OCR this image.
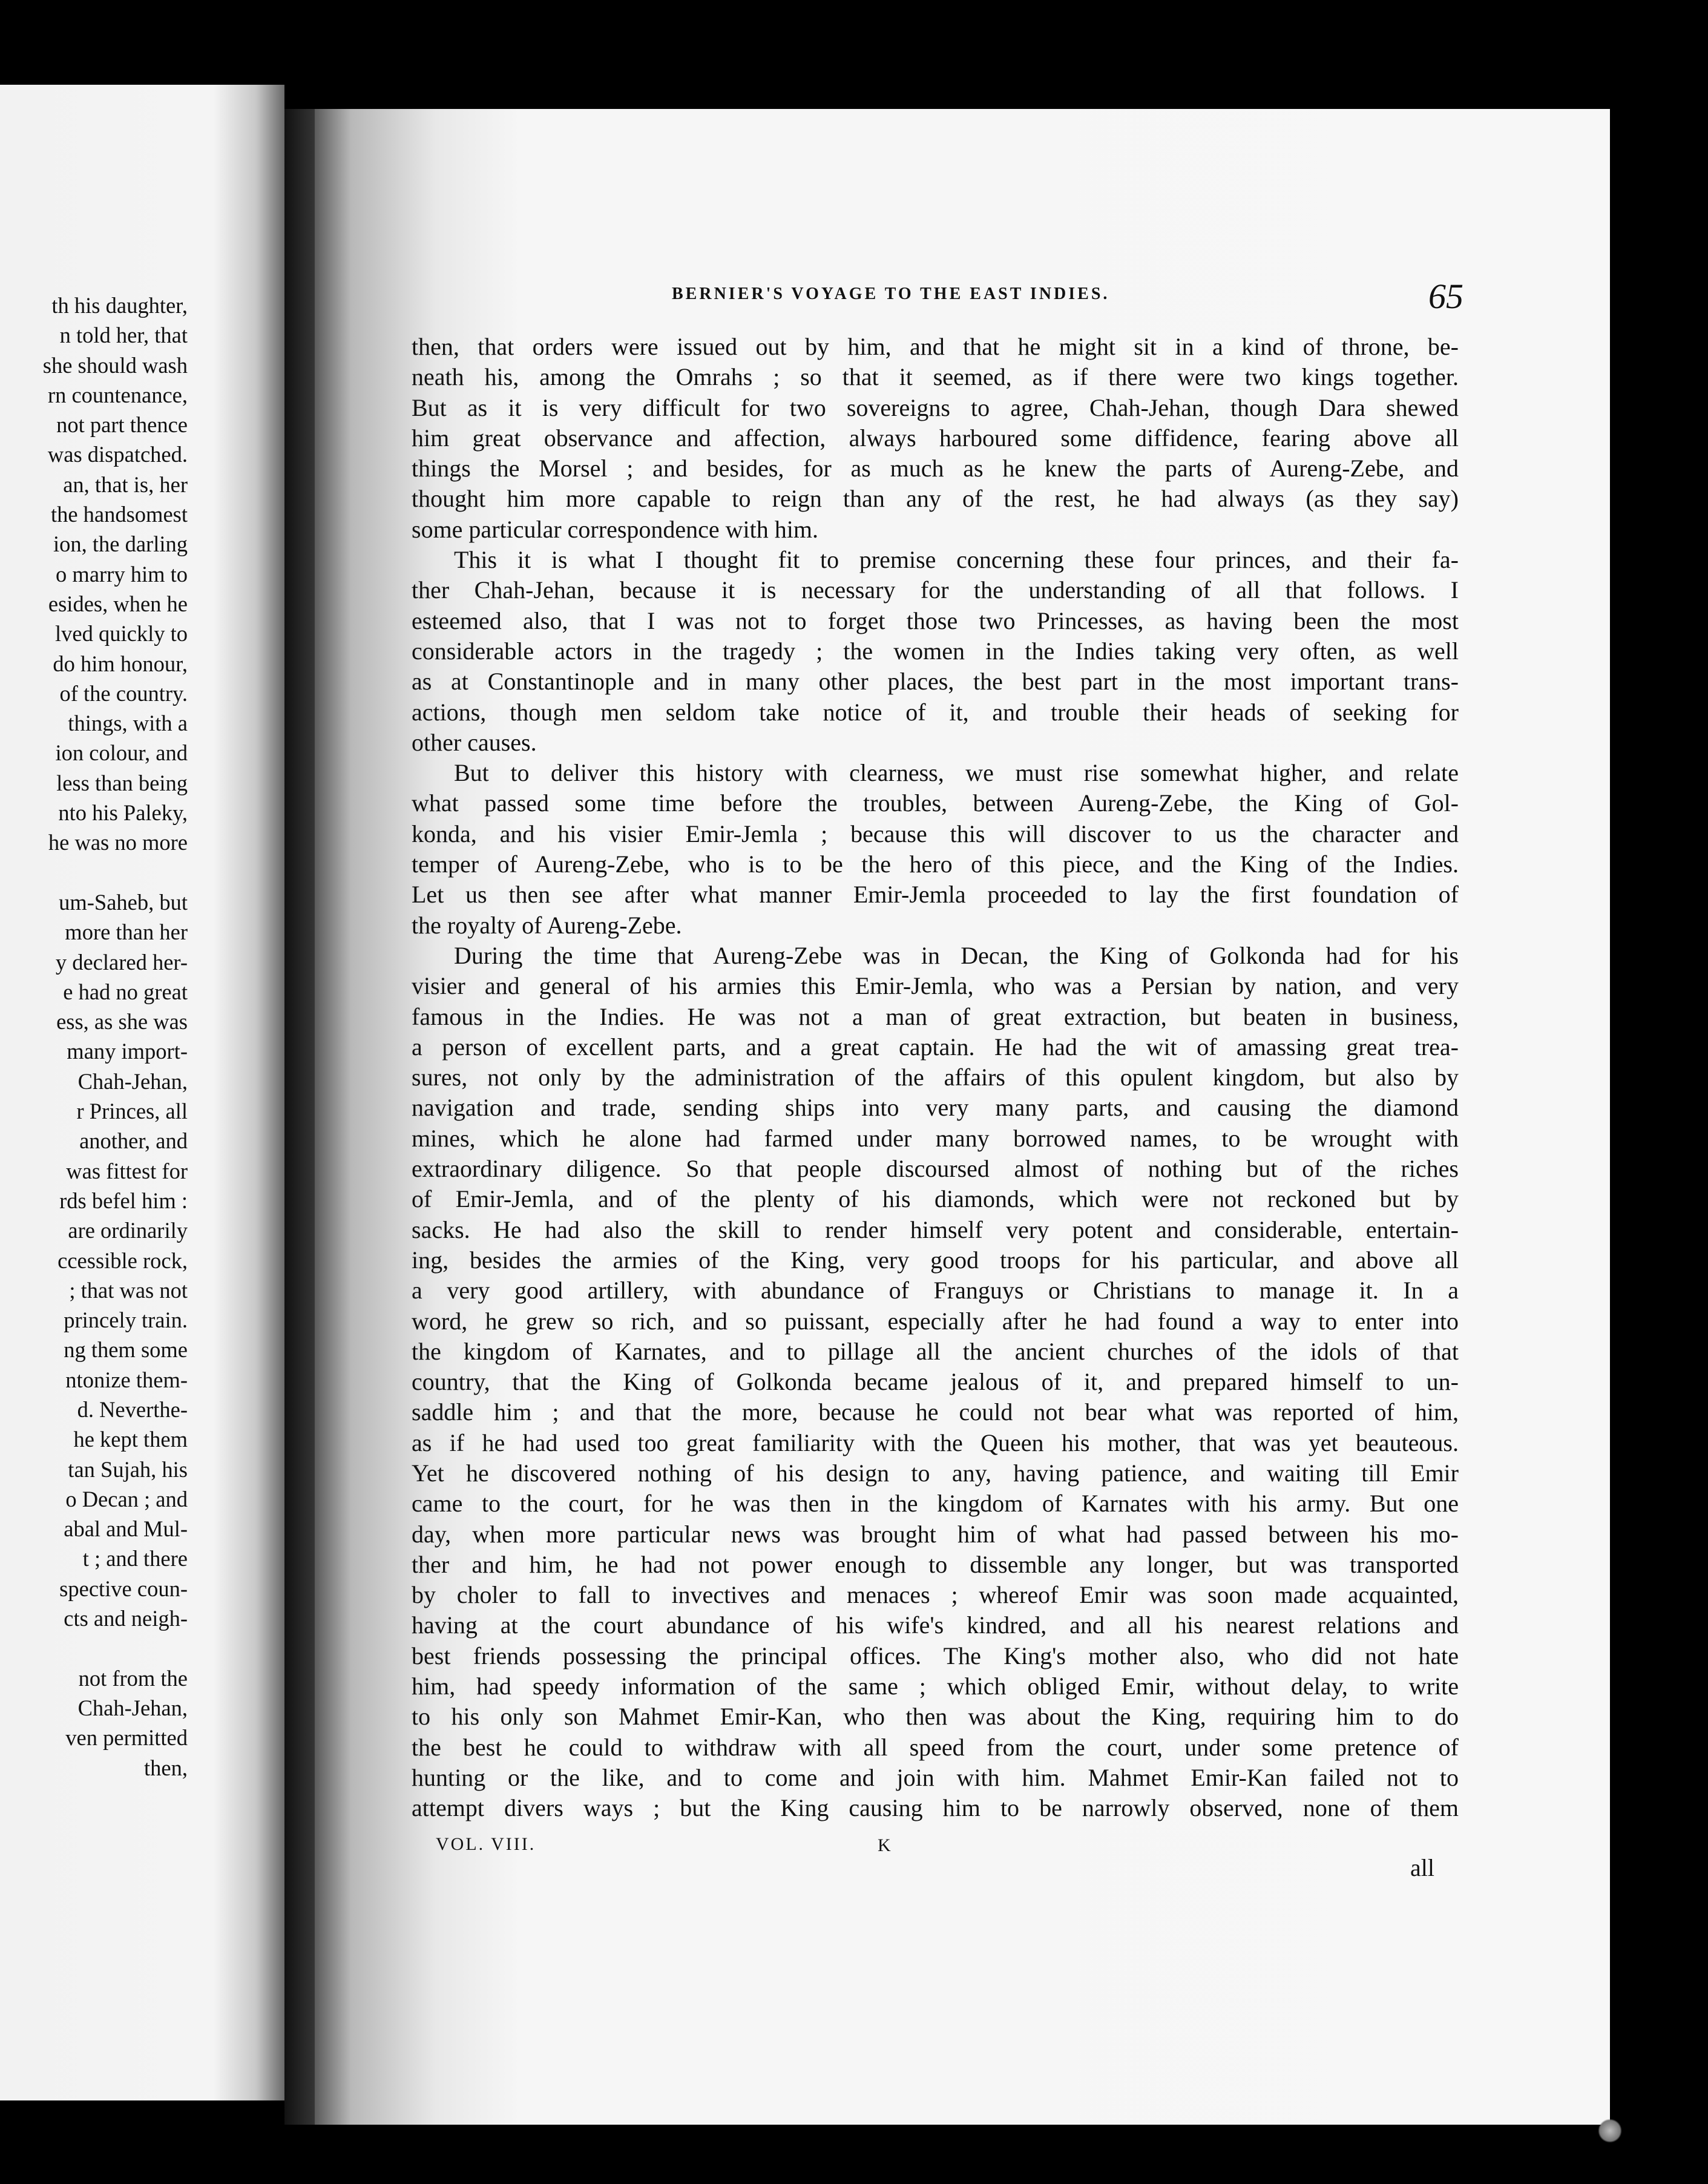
th his daughter,
n told her, that
she should wash
rn countenance,
not part thence
was dispatched.
an, that is, her
the handsomest
ion, the darling
o marry him to
esides, when he
lved quickly to
do him honour,
of the country.
things, with a
ion colour, and
less than being
nto his Paleky,
he was no more
um-Saheb, but
more than her
y declared her-
e had no great
ess, as she was
many import-
Chah-Jehan,
r Princes, all
another, and
was fittest for
rds befel him :
are ordinarily
ccessible rock,
; that was not
princely train.
ng them some
ntonize them-
d. Neverthe-
he kept them
tan Sujah, his
o Decan ; and
abal and Mul-
t ; and there
spective coun-
cts and neigh-
not from the
Chah-Jehan,
ven permitted
then,
BERNIER'S VOYAGE TO THE EAST INDIES.	65
then, that orders were issued out by him, and that he might sit in a kind of throne, be-
neath his, among the Omrahs ; so that it seemed, as if there were two kings together.
But as it is very difficult for two sovereigns to agree, Chah-Jehan, though Dara shewed
him great observance and affection, always harboured some diffidence, fearing above all
things the Morsel ; and besides, for as much as he knew the parts of Aureng-Zebe, and
thought him more capable to reign than any of the rest, he had always (as they say)
some particular correspondence with him.
This it is what I thought fit to premise concerning these four princes, and their fa-
ther Chah-Jehan, because it is necessary for the understanding of all that follows. I
esteemed also, that I was not to forget those two Princesses, as having been the most
considerable actors in the tragedy ; the women in the Indies taking very often, as well
as at Constantinople and in many other places, the best part in the most important trans-
actions, though men seldom take notice of it, and trouble their heads of seeking for
other causes.
But to deliver this history with clearness, we must rise somewhat higher, and relate
what passed some time before the troubles, between Aureng-Zebe, the King of Gol-
konda, and his visier Emir-Jemla ; because this will discover to us the character and
temper of Aureng-Zebe, who is to be the hero of this piece, and the King of the Indies.
Let us then see after what manner Emir-Jemla proceeded to lay the first foundation of
the royalty of Aureng-Zebe.
During the time that Aureng-Zebe was in Decan, the King of Golkonda had for his
visier and general of his armies this Emir-Jemla, who was a Persian by nation, and very
famous in the Indies. He was not a man of great extraction, but beaten in business,
a person of excellent parts, and a great captain. He had the wit of amassing great trea-
sures, not only by the administration of the affairs of this opulent kingdom, but also by
navigation and trade, sending ships into very many parts, and causing the diamond
mines, which he alone had farmed under many borrowed names, to be wrought with
extraordinary diligence. So that people discoursed almost of nothing but of the riches
of Emir-Jemla, and of the plenty of his diamonds, which were not reckoned but by
sacks. He had also the skill to render himself very potent and considerable, entertain-
ing, besides the armies of the King, very good troops for his particular, and above all
a very good artillery, with abundance of Franguys or Christians to manage it. In a
word, he grew so rich, and so puissant, especially after he had found a way to enter into
the kingdom of Karnates, and to pillage all the ancient churches of the idols of that
country, that the King of Golkonda became jealous of it, and prepared himself to un-
saddle him ; and that the more, because he could not bear what was reported of him,
as if he had used too great familiarity with the Queen his mother, that was yet beauteous.
Yet he discovered nothing of his design to any, having patience, and waiting till Emir
came to the court, for he was then in the kingdom of Karnates with his army. But one
day, when more particular news was brought him of what had passed between his mo-
ther and him, he had not power enough to dissemble any longer, but was transported
by choler to fall to invectives and menaces ; whereof Emir was soon made acquainted,
having at the court abundance of his wife's kindred, and all his nearest relations and
best friends possessing the principal offices. The King's mother also, who did not hate
him, had speedy information of the same ; which obliged Emir, without delay, to write
to his only son Mahmet Emir-Kan, who then was about the King, requiring him to do
the best he could to withdraw with all speed from the court, under some pretence of
hunting or the like, and to come and join with him. Mahmet Emir-Kan failed not to
attempt divers ways ; but the King causing him to be narrowly observed, none of them
VOL. VIII.	K
all
